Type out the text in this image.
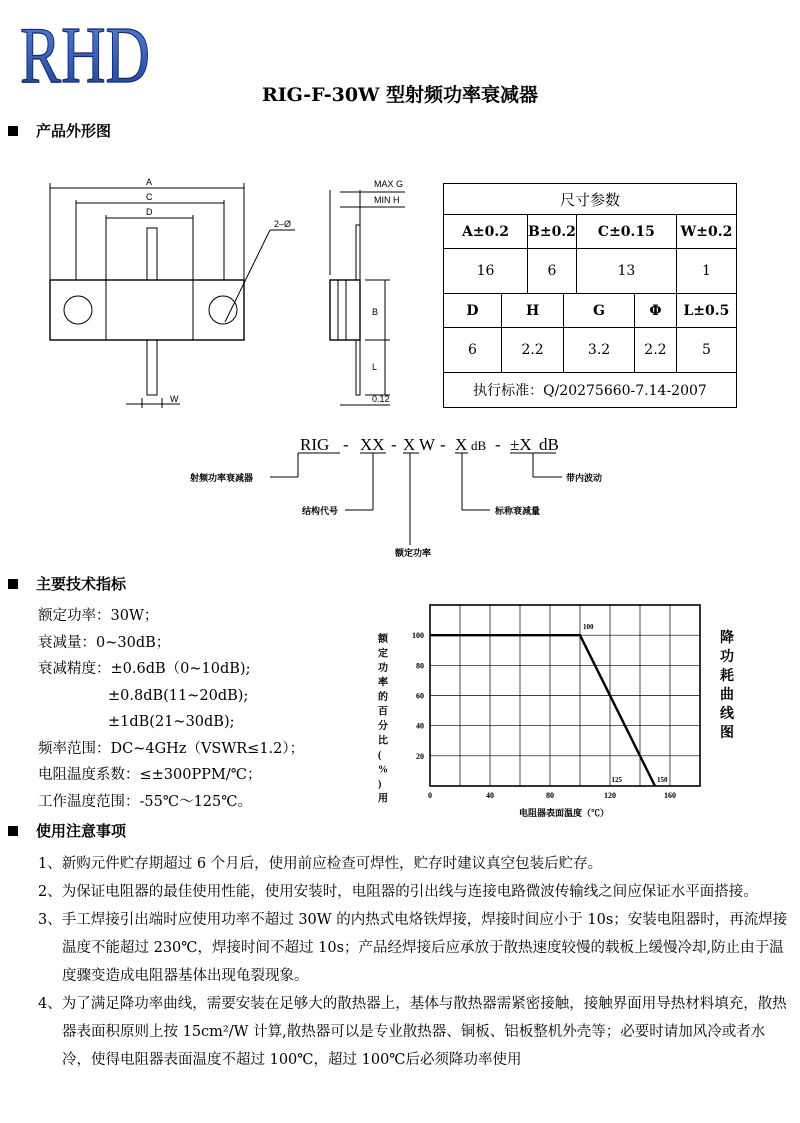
RHD	RIG-F-30W 型射频功率衰减器
产品外形图
A
C
D
2–Ø
W
MAX G
MIN H
B
L
0.12
尺寸参数						
A±0.2		B±0.2		C±0.15		W±0.2
16		6		13		1
D	H		G		Φ	L±0.5
6	2.2		3.2		2.2	5
执行标准：Q/20275660-7.14-2007						
RIG - XX - X W - X dB - ±X dB
射频功率衰减器
结构代号
额定功率
标称衰减量
带内波动
主要技术指标
额定功率：30W；
衰减量：0~30dB；
衰减精度：±0.6dB（0~10dB);
±0.8dB(11~20dB);
±1dB(21~30dB);
频率范围：DC~4GHz（VSWR≤1.2）；
电阻温度系数：≤±300PPM/℃；
工作温度范围：-55℃～125℃。
额定功率的百分比( % )用
降功耗曲线图
电阻器表面温度（℃）
0	40	80	120	160
20
40
60
80
100
100
125	150
使用注意事项
1、新购元件贮存期超过 6 个月后，使用前应检查可焊性，贮存时建议真空包装后贮存。
2、为保证电阻器的最佳使用性能，使用安装时，电阻器的引出线与连接电路微波传输线之间应保证水平面搭接。
3、手工焊接引出端时应使用功率不超过 30W 的内热式电烙铁焊接，焊接时间应小于 10s；安装电阻器时，再流焊接温度不能超过 230℃，焊接时间不超过 10s；产品经焊接后应承放于散热速度较慢的载板上缓慢冷却,防止由于温度骤变造成电阻器基体出现龟裂现象。
4、为了满足降功率曲线，需要安装在足够大的散热器上，基体与散热器需紧密接触，接触界面用导热材料填充，散热器表面积原则上按 15cm²/W 计算,散热器可以是专业散热器、铜板、铝板整机外壳等；必要时请加风冷或者水冷，使得电阻器表面温度不超过 100℃，超过 100℃后必须降功率使用
